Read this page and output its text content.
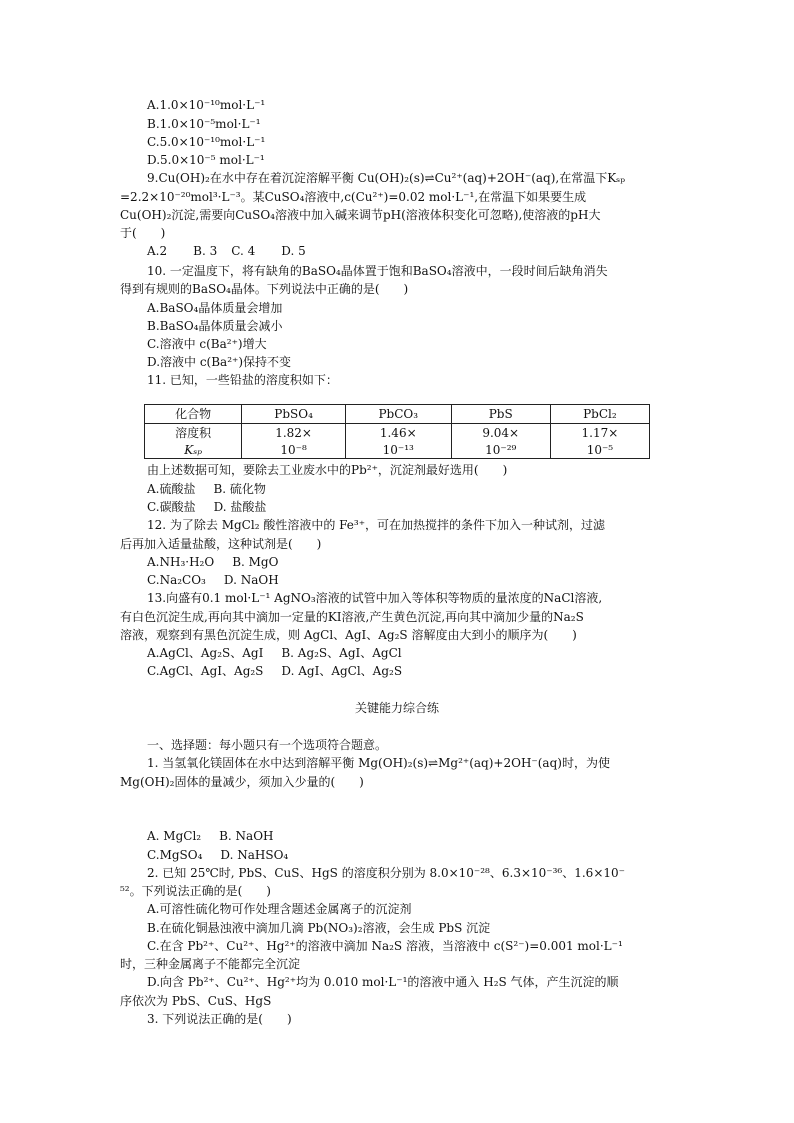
A.1.0×10⁻¹⁰mol·L⁻¹
B.1.0×10⁻⁵mol·L⁻¹
C.5.0×10⁻¹⁰mol·L⁻¹
D.5.0×10⁻⁵ mol·L⁻¹
9.Cu(OH)₂在水中存在着沉淀溶解平衡 Cu(OH)₂(s)⇌Cu²⁺(aq)+2OH⁻(aq),在常温下Kₛₚ
=2.2×10⁻²⁰mol³·L⁻³。某CuSO₄溶液中,c(Cu²⁺)=0.02 mol·L⁻¹,在常温下如果要生成
Cu(OH)₂沉淀,需要向CuSO₄溶液中加入碱来调节pH(溶液体积变化可忽略),使溶液的pH大
于(　　)
A.2 B. 3 C. 4 D. 5
10. 一定温度下，将有缺角的BaSO₄晶体置于饱和BaSO₄溶液中，一段时间后缺角消失
得到有规则的BaSO₄晶体。下列说法中正确的是(　　)
A.BaSO₄晶体质量会增加
B.BaSO₄晶体质量会减小
C.溶液中 c(Ba²⁺)增大
D.溶液中 c(Ba²⁺)保持不变
11. 已知，一些铅盐的溶度积如下：
化合物	PbSO₄	PbCO₃	PbS	PbCl₂
溶度积	1.82×	1.46×	9.04×	1.17×
Kₛₚ	10⁻⁸	10⁻¹³	10⁻²⁹	10⁻⁵
由上述数据可知，要除去工业废水中的Pb²⁺，沉淀剂最好选用(　　)
A.硫酸盐 B. 硫化物
C.碳酸盐 D. 盐酸盐
12. 为了除去 MgCl₂ 酸性溶液中的 Fe³⁺，可在加热搅拌的条件下加入一种试剂，过滤
后再加入适量盐酸，这种试剂是(　　)
A.NH₃·H₂O B. MgO
C.Na₂CO₃ D. NaOH
13.向盛有0.1 mol·L⁻¹ AgNO₃溶液的试管中加入等体积等物质的量浓度的NaCl溶液,
有白色沉淀生成,再向其中滴加一定量的KI溶液,产生黄色沉淀,再向其中滴加少量的Na₂S
溶液，观察到有黑色沉淀生成，则 AgCl、AgI、Ag₂S 溶解度由大到小的顺序为(　　)
A.AgCl、Ag₂S、AgI B. Ag₂S、AgI、AgCl
C.AgCl、AgI、Ag₂S D. AgI、AgCl、Ag₂S
关键能力综合练
一、选择题：每小题只有一个选项符合题意。
1. 当氢氧化镁固体在水中达到溶解平衡 Mg(OH)₂(s)⇌Mg²⁺(aq)+2OH⁻(aq)时，为使
Mg(OH)₂固体的量减少，须加入少量的(　　)
A. MgCl₂ B. NaOH
C.MgSO₄ D. NaHSO₄
2. 已知 25℃时, PbS、CuS、HgS 的溶度积分别为 8.0×10⁻²⁸、6.3×10⁻³⁶、1.6×10⁻
⁵²。下列说法正确的是(　　)
A.可溶性硫化物可作处理含题述金属离子的沉淀剂
B.在硫化铜悬浊液中滴加几滴 Pb(NO₃)₂溶液，会生成 PbS 沉淀
C.在含 Pb²⁺、Cu²⁺、Hg²⁺的溶液中滴加 Na₂S 溶液，当溶液中 c(S²⁻)=0.001 mol·L⁻¹
时，三种金属离子不能都完全沉淀
D.向含 Pb²⁺、Cu²⁺、Hg²⁺均为 0.010 mol·L⁻¹的溶液中通入 H₂S 气体，产生沉淀的顺
序依次为 PbS、CuS、HgS
3. 下列说法正确的是(　　)
